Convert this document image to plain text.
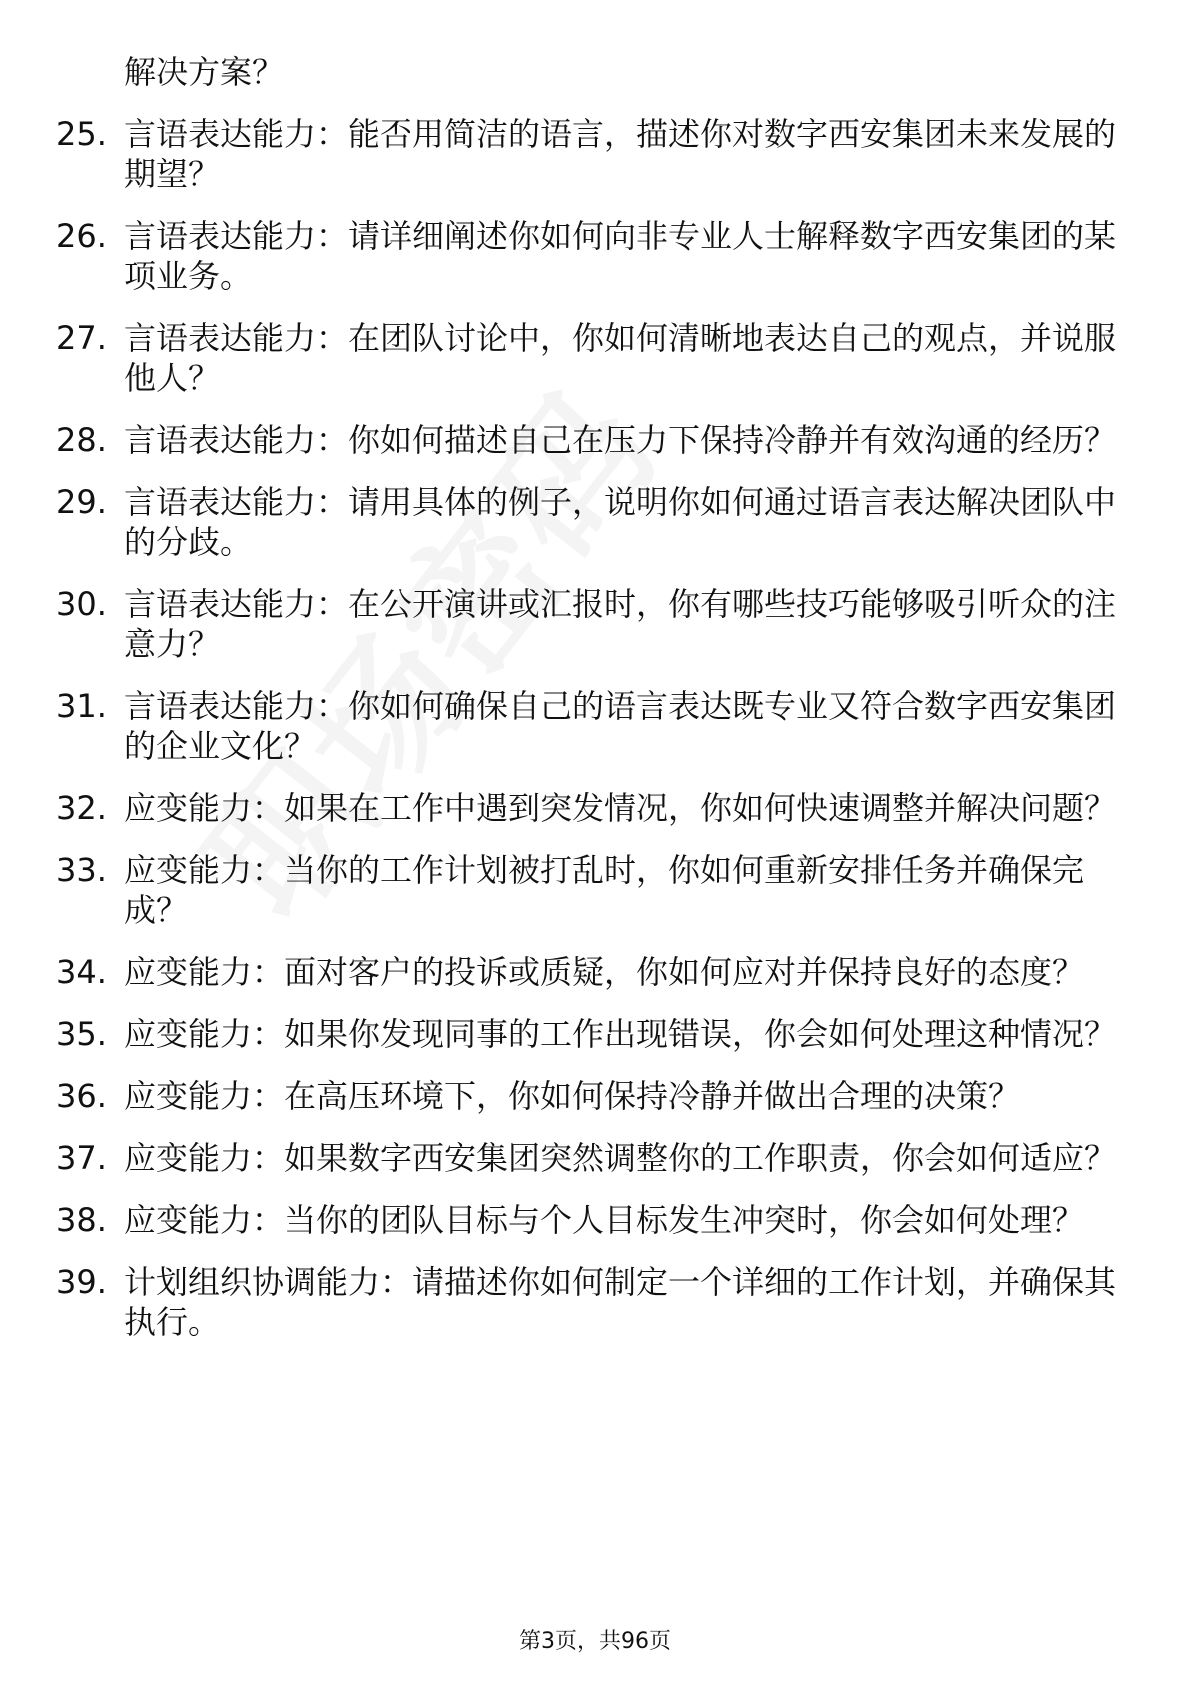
解决方案？
25. 言语表达能力：能否用简洁的语言，描述你对数字西安集团未来发展的期望？
26. 言语表达能力：请详细阐述你如何向非专业人士解释数字西安集团的某项业务。
27. 言语表达能力：在团队讨论中，你如何清晰地表达自己的观点，并说服他人？
28. 言语表达能力：你如何描述自己在压力下保持冷静并有效沟通的经历？
29. 言语表达能力：请用具体的例子，说明你如何通过语言表达解决团队中的分歧。
30. 言语表达能力：在公开演讲或汇报时，你有哪些技巧能够吸引听众的注意力？
31. 言语表达能力：你如何确保自己的语言表达既专业又符合数字西安集团的企业文化？
32. 应变能力：如果在工作中遇到突发情况，你如何快速调整并解决问题？
33. 应变能力：当你的工作计划被打乱时，你如何重新安排任务并确保完成？
34. 应变能力：面对客户的投诉或质疑，你如何应对并保持良好的态度？
35. 应变能力：如果你发现同事的工作出现错误，你会如何处理这种情况？
36. 应变能力：在高压环境下，你如何保持冷静并做出合理的决策？
37. 应变能力：如果数字西安集团突然调整你的工作职责，你会如何适应？
38. 应变能力：当你的团队目标与个人目标发生冲突时，你会如何处理？
39. 计划组织协调能力：请描述你如何制定一个详细的工作计划，并确保其执行。
第3页，共96页
